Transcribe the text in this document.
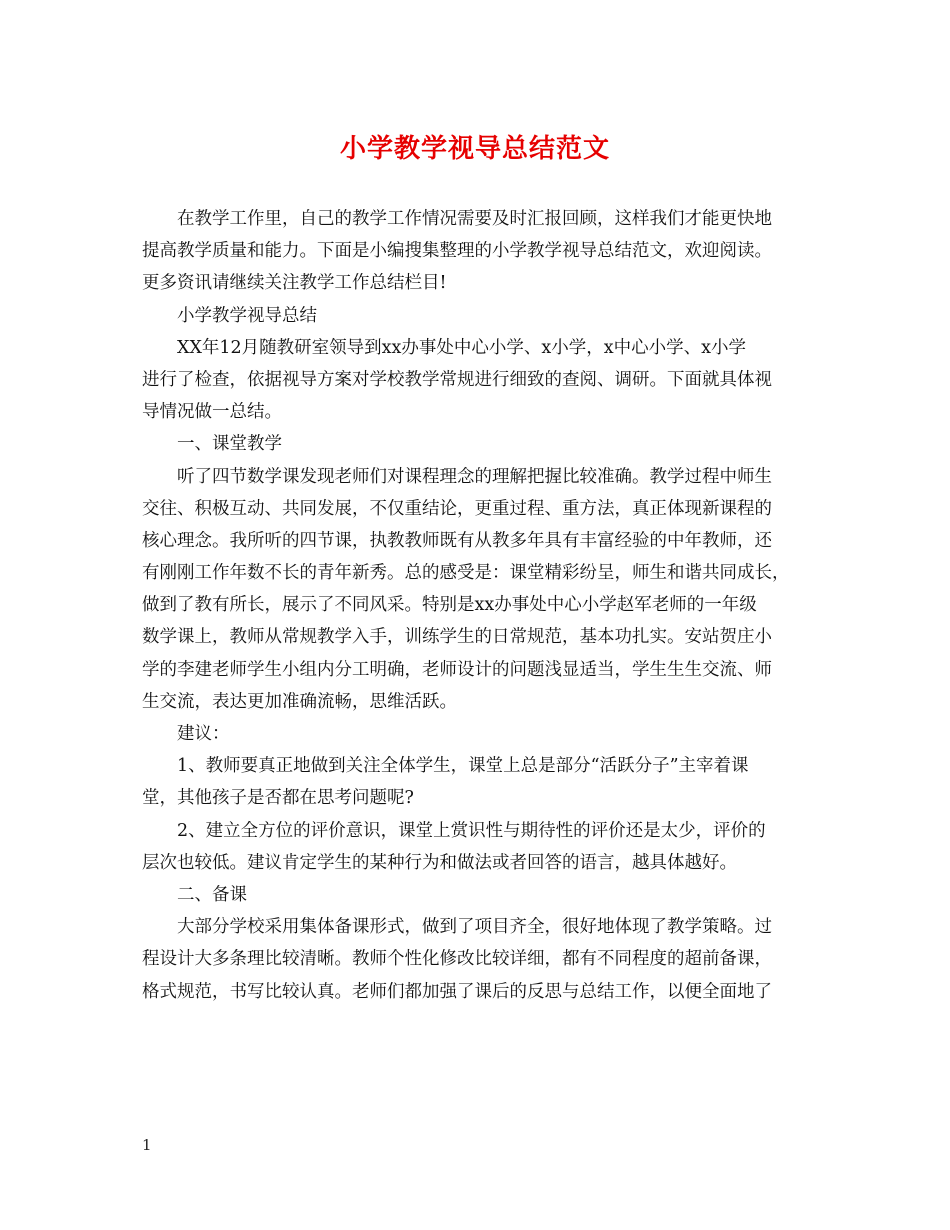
小学教学视导总结范文
在教学工作里，自己的教学工作情况需要及时汇报回顾，这样我们才能更快地
提高教学质量和能力。下面是小编搜集整理的小学教学视导总结范文，欢迎阅读。
更多资讯请继续关注教学工作总结栏目!
小学教学视导总结
XX年12月随教研室领导到xx办事处中心小学、x小学，x中心小学、x小学
进行了检查，依据视导方案对学校教学常规进行细致的查阅、调研。下面就具体视
导情况做一总结。
一、课堂教学
听了四节数学课发现老师们对课程理念的理解把握比较准确。教学过程中师生
交往、积极互动、共同发展，不仅重结论，更重过程、重方法，真正体现新课程的
核心理念。我所听的四节课，执教教师既有从教多年具有丰富经验的中年教师，还
有刚刚工作年数不长的青年新秀。总的感受是：课堂精彩纷呈，师生和谐共同成长，
做到了教有所长，展示了不同风采。特别是xx办事处中心小学赵军老师的一年级
数学课上，教师从常规教学入手，训练学生的日常规范，基本功扎实。安站贺庄小
学的李建老师学生小组内分工明确，老师设计的问题浅显适当，学生生生交流、师
生交流，表达更加准确流畅，思维活跃。
建议：
1、教师要真正地做到关注全体学生，课堂上总是部分“活跃分子”主宰着课
堂，其他孩子是否都在思考问题呢?
2、建立全方位的评价意识，课堂上赏识性与期待性的评价还是太少，评价的
层次也较低。建议肯定学生的某种行为和做法或者回答的语言，越具体越好。
二、备课
大部分学校采用集体备课形式，做到了项目齐全，很好地体现了教学策略。过
程设计大多条理比较清晰。教师个性化修改比较详细，都有不同程度的超前备课，
格式规范，书写比较认真。老师们都加强了课后的反思与总结工作，以便全面地了
1
